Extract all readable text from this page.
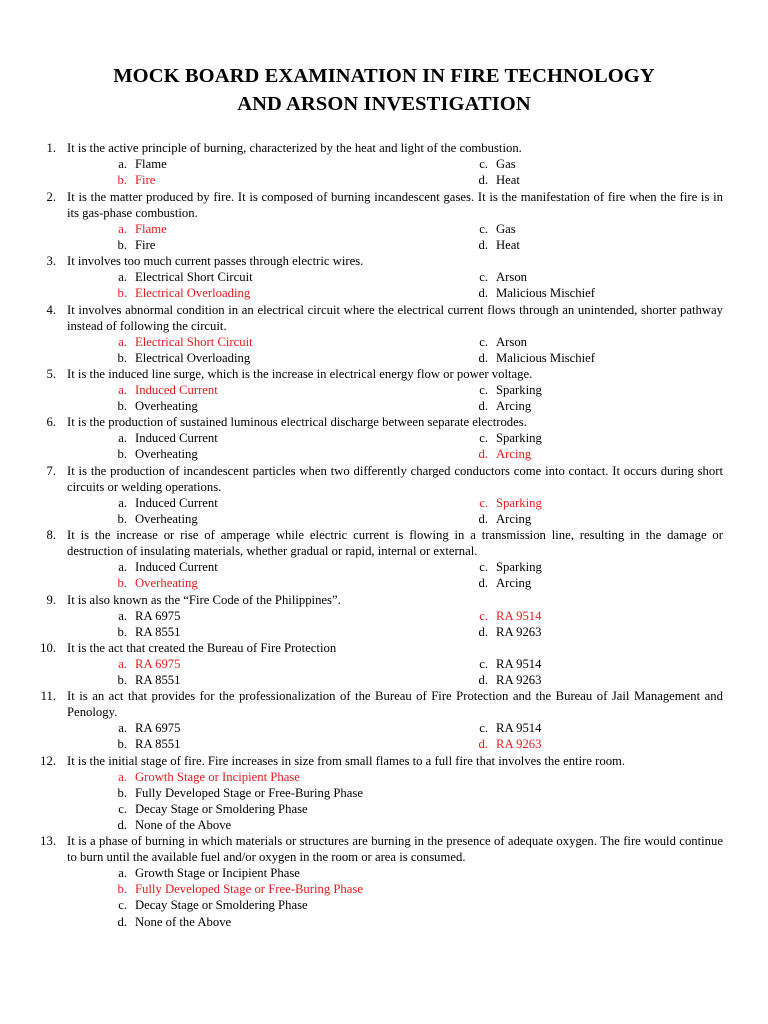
MOCK BOARD EXAMINATION IN FIRE TECHNOLOGY
AND ARSON INVESTIGATION
1. It is the active principle of burning, characterized by the heat and light of the combustion.
a. Flame
b. Fire
c. Gas
d. Heat
2. It is the matter produced by fire. It is composed of burning incandescent gases. It is the manifestation of fire when the fire is in its gas-phase combustion.
a. Flame
b. Fire
c. Gas
d. Heat
3. It involves too much current passes through electric wires.
a. Electrical Short Circuit
b. Electrical Overloading
c. Arson
d. Malicious Mischief
4. It involves abnormal condition in an electrical circuit where the electrical current flows through an unintended, shorter pathway instead of following the circuit.
a. Electrical Short Circuit
b. Electrical Overloading
c. Arson
d. Malicious Mischief
5. It is the induced line surge, which is the increase in electrical energy flow or power voltage.
a. Induced Current
b. Overheating
c. Sparking
d. Arcing
6. It is the production of sustained luminous electrical discharge between separate electrodes.
a. Induced Current
b. Overheating
c. Sparking
d. Arcing
7. It is the production of incandescent particles when two differently charged conductors come into contact. It occurs during short circuits or welding operations.
a. Induced Current
b. Overheating
c. Sparking
d. Arcing
8. It is the increase or rise of amperage while electric current is flowing in a transmission line, resulting in the damage or destruction of insulating materials, whether gradual or rapid, internal or external.
a. Induced Current
b. Overheating
c. Sparking
d. Arcing
9. It is also known as the “Fire Code of the Philippines”.
a. RA 6975
b. RA 8551
c. RA 9514
d. RA 9263
10. It is the act that created the Bureau of Fire Protection
a. RA 6975
b. RA 8551
c. RA 9514
d. RA 9263
11. It is an act that provides for the professionalization of the Bureau of Fire Protection and the Bureau of Jail Management and Penology.
a. RA 6975
b. RA 8551
c. RA 9514
d. RA 9263
12. It is the initial stage of fire. Fire increases in size from small flames to a full fire that involves the entire room.
a. Growth Stage or Incipient Phase
b. Fully Developed Stage or Free-Buring Phase
c. Decay Stage or Smoldering Phase
d. None of the Above
13. It is a phase of burning in which materials or structures are burning in the presence of adequate oxygen. The fire would continue to burn until the available fuel and/or oxygen in the room or area is consumed.
a. Growth Stage or Incipient Phase
b. Fully Developed Stage or Free-Buring Phase
c. Decay Stage or Smoldering Phase
d. None of the Above
